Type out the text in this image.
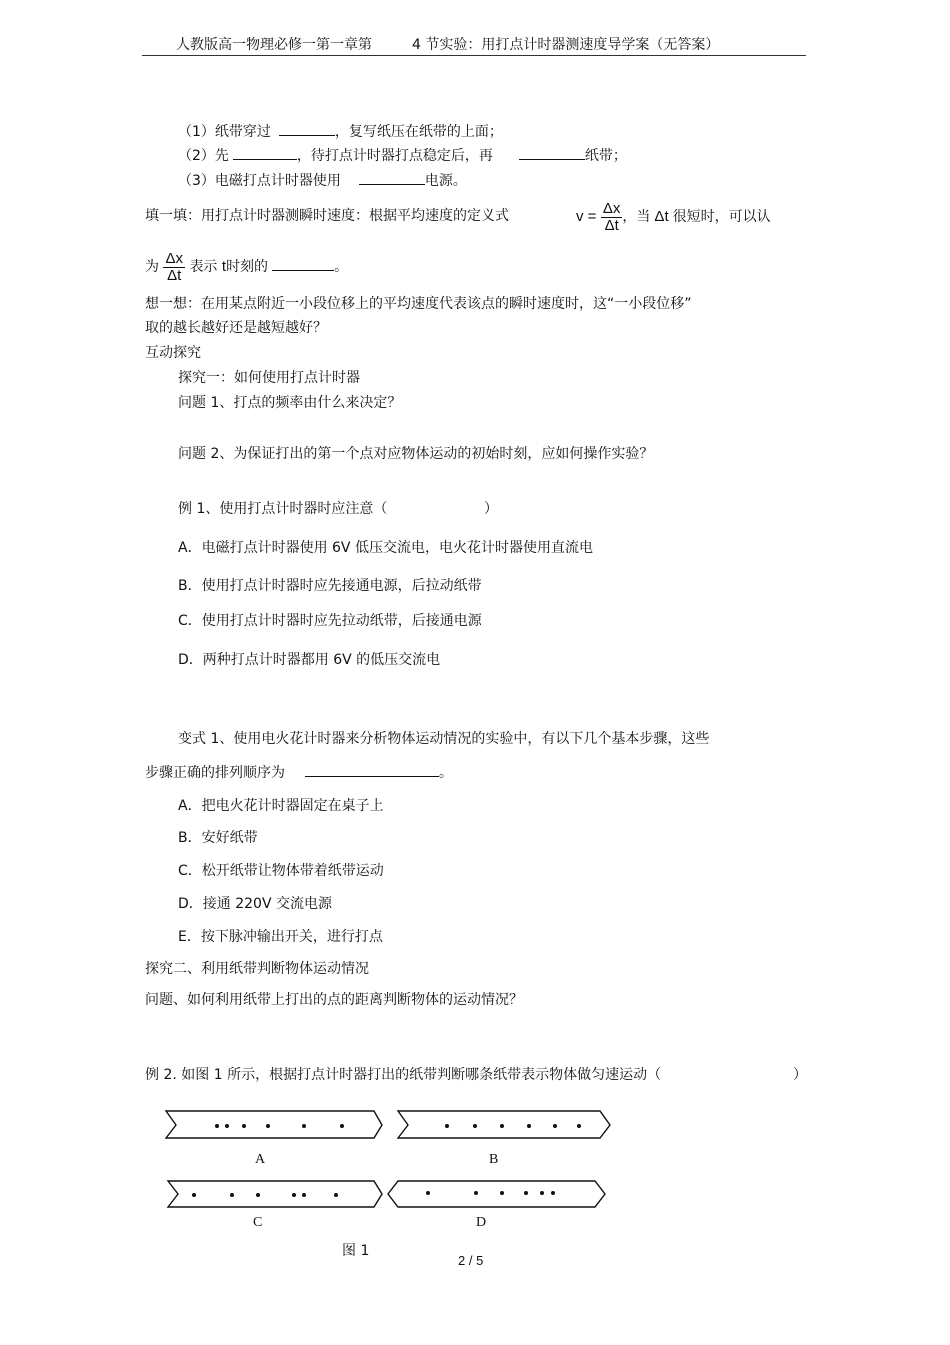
人教版高一物理必修一第一章第	4 节实验：用打点计时器测速度导学案（无答案）
（1）纸带穿过	，复写纸压在纸带的上面；
（2）先	，待打点计时器打点稳定后，再	纸带；
（3）电磁打点计时器使用	电源。
填一填：用打点计时器测瞬时速度：根据平均速度的定义式	$v = \frac{\Delta x}{\Delta t}$ ，当 Δt 很短时，可以认
为 $\frac{\Delta x}{\Delta t}$ 表示 t时刻的	。
想一想：在用某点附近一小段位移上的平均速度代表该点的瞬时速度时，这“一小段位移”
取的越长越好还是越短越好？
互动探究
探究一：如何使用打点计时器
问题 1、打点的频率由什么来决定？
问题 2、为保证打出的第一个点对应物体运动的初始时刻，应如何操作实验？
例 1、使用打点计时器时应注意（	）
A．电磁打点计时器使用 6V 低压交流电，电火花计时器使用直流电
B．使用打点计时器时应先接通电源，后拉动纸带
C．使用打点计时器时应先拉动纸带，后接通电源
D．两种打点计时器都用 6V 的低压交流电
变式 1、使用电火花计时器来分析物体运动情况的实验中，有以下几个基本步骤，这些
步骤正确的排列顺序为	。
A．把电火花计时器固定在桌子上
B．安好纸带
C．松开纸带让物体带着纸带运动
D．接通 220V 交流电源
E．按下脉冲输出开关，进行打点
探究二、利用纸带判断物体运动情况
问题、如何利用纸带上打出的点的距离判断物体的运动情况？
例 2. 如图 1 所示，根据打点计时器打出的纸带判断哪条纸带表示物体做匀速运动（	）
A	B
C	D
图 1
2 / 5
